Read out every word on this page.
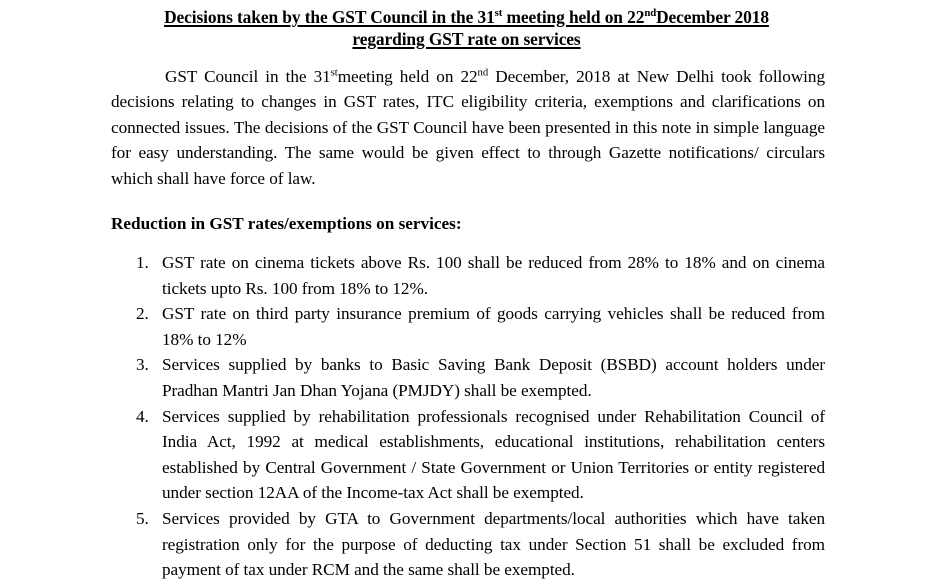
Decisions taken by the GST Council in the 31st meeting held on 22ndDecember 2018
regarding GST rate on services

GST Council in the 31stmeeting held on 22nd December, 2018 at New Delhi took following decisions relating to changes in GST rates, ITC eligibility criteria, exemptions and clarifications on connected issues. The decisions of the GST Council have been presented in this note in simple language for easy understanding. The same would be given effect to through Gazette notifications/ circulars which shall have force of law.

Reduction in GST rates/exemptions on services:
GST rate on cinema tickets above Rs. 100 shall be reduced from 28% to 18% and on cinema tickets upto Rs. 100 from 18% to 12%.
GST rate on third party insurance premium of goods carrying vehicles shall be reduced from 18% to 12%
Services supplied by banks to Basic Saving Bank Deposit (BSBD) account holders under Pradhan Mantri Jan Dhan Yojana (PMJDY) shall be exempted.
Services supplied by rehabilitation professionals recognised under Rehabilitation Council of India Act, 1992 at medical establishments, educational institutions, rehabilitation centers established by Central Government / State Government or Union Territories or entity registered under section 12AA of the Income-tax Act shall be exempted.
Services provided by GTA to Government departments/local authorities which have taken registration only for the purpose of deducting tax under Section 51 shall be excluded from payment of tax under RCM and the same shall be exempted.
